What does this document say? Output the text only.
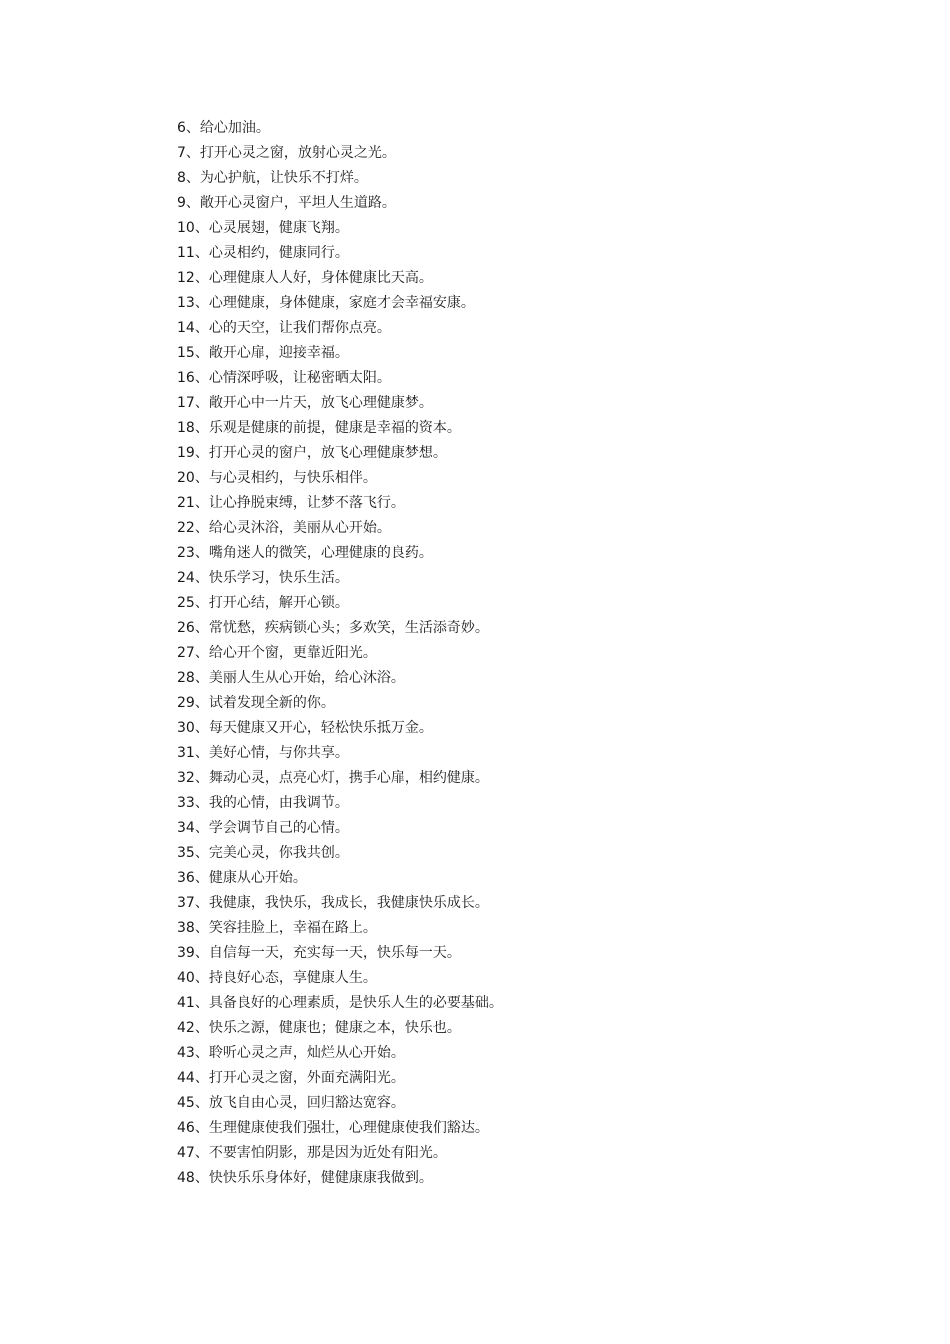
6、给心加油。
7、打开心灵之窗，放射心灵之光。
8、为心护航，让快乐不打烊。
9、敞开心灵窗户，平坦人生道路。
10、心灵展翅，健康飞翔。
11、心灵相约，健康同行。
12、心理健康人人好，身体健康比天高。
13、心理健康，身体健康，家庭才会幸福安康。
14、心的天空，让我们帮你点亮。
15、敞开心扉，迎接幸福。
16、心情深呼吸，让秘密晒太阳。
17、敞开心中一片天，放飞心理健康梦。
18、乐观是健康的前提，健康是幸福的资本。
19、打开心灵的窗户，放飞心理健康梦想。
20、与心灵相约，与快乐相伴。
21、让心挣脱束缚，让梦不落飞行。
22、给心灵沐浴，美丽从心开始。
23、嘴角迷人的微笑，心理健康的良药。
24、快乐学习，快乐生活。
25、打开心结，解开心锁。
26、常忧愁，疾病锁心头；多欢笑，生活添奇妙。
27、给心开个窗，更靠近阳光。
28、美丽人生从心开始，给心沐浴。
29、试着发现全新的你。
30、每天健康又开心，轻松快乐抵万金。
31、美好心情，与你共享。
32、舞动心灵，点亮心灯，携手心扉，相约健康。
33、我的心情，由我调节。
34、学会调节自己的心情。
35、完美心灵，你我共创。
36、健康从心开始。
37、我健康，我快乐，我成长，我健康快乐成长。
38、笑容挂脸上，幸福在路上。
39、自信每一天，充实每一天，快乐每一天。
40、持良好心态，享健康人生。
41、具备良好的心理素质，是快乐人生的必要基础。
42、快乐之源，健康也；健康之本，快乐也。
43、聆听心灵之声，灿烂从心开始。
44、打开心灵之窗，外面充满阳光。
45、放飞自由心灵，回归豁达宽容。
46、生理健康使我们强壮，心理健康使我们豁达。
47、不要害怕阴影，那是因为近处有阳光。
48、快快乐乐身体好，健健康康我做到。
